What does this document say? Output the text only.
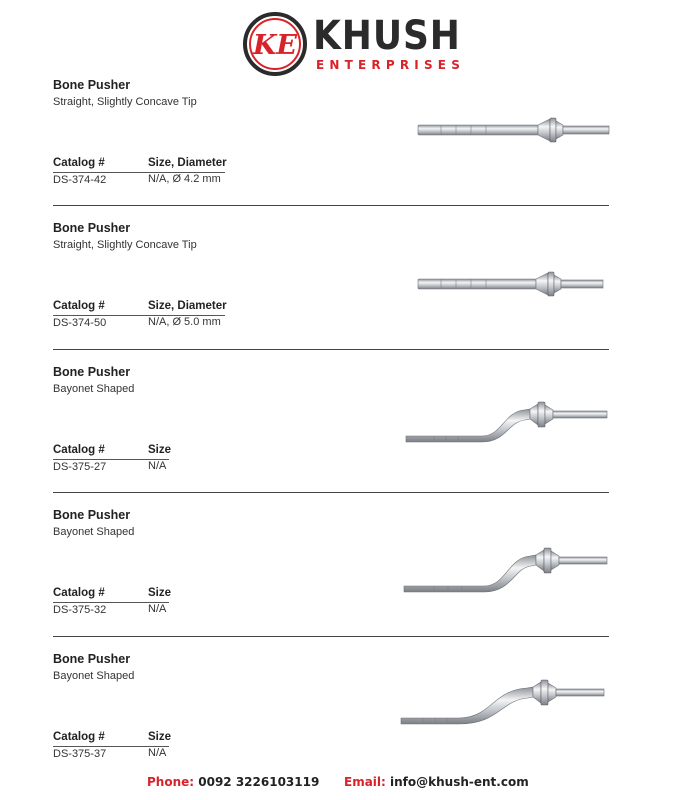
KE KHUSH
ENTERPRISES
Bone Pusher
Straight, Slightly Concave Tip
Catalog #	Size, Diameter
DS-374-42	N/A, Ø 4.2 mm
Bone Pusher
Straight, Slightly Concave Tip
Catalog #	Size, Diameter
DS-374-50	N/A, Ø 5.0 mm
Bone Pusher
Bayonet Shaped
Catalog #	Size
DS-375-27	N/A
Bone Pusher
Bayonet Shaped
Catalog #	Size
DS-375-32	N/A
Bone Pusher
Bayonet Shaped
Catalog #	Size
DS-375-37	N/A
Phone: 0092 3226103119 Email: info@khush-ent.com
